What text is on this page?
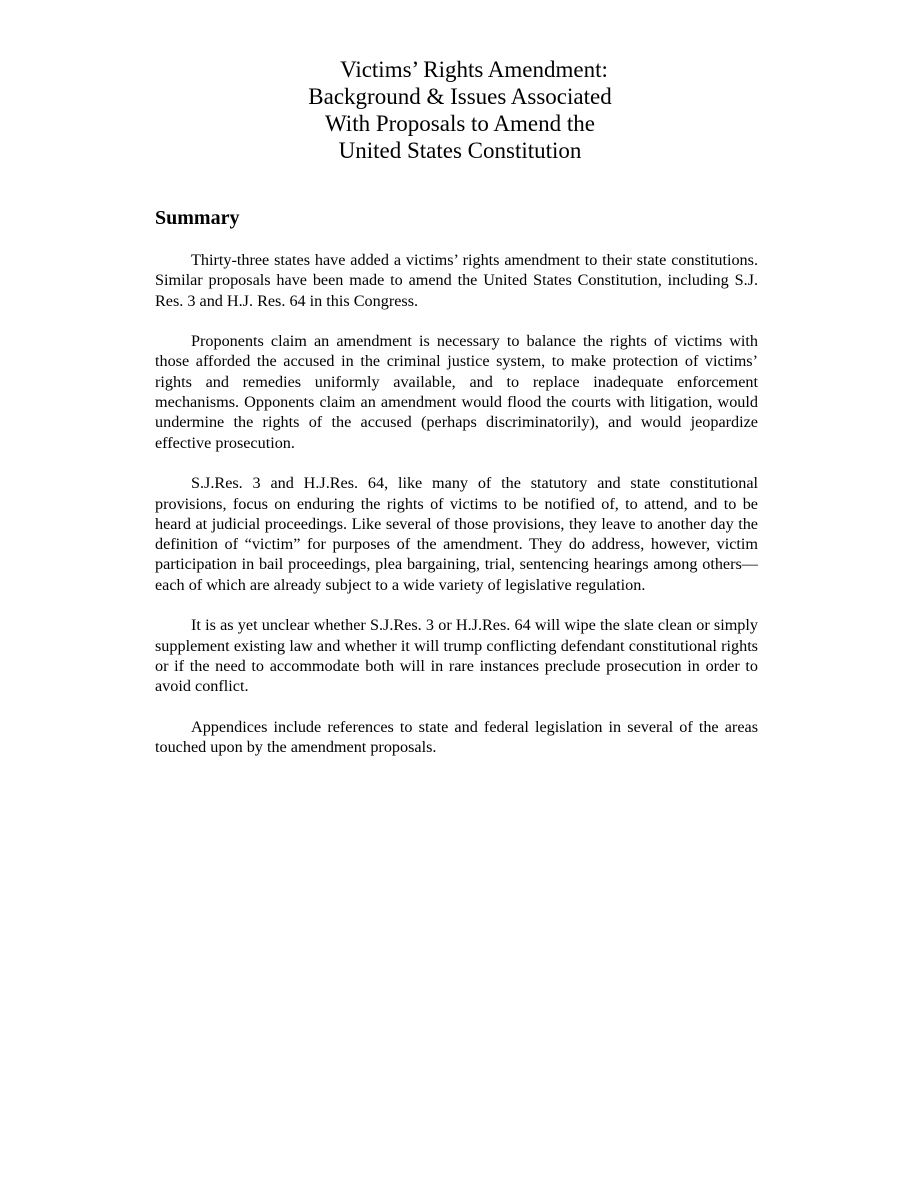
Victims’ Rights Amendment:
Background & Issues Associated
With Proposals to Amend the
United States Constitution
Summary

Thirty-three states have added a victims’ rights amendment to their state constitutions. Similar proposals have been made to amend the United States Constitution, including S.J. Res. 3 and H.J. Res. 64 in this Congress.

Proponents claim an amendment is necessary to balance the rights of victims with those afforded the accused in the criminal justice system, to make protection of victims’ rights and remedies uniformly available, and to replace inadequate enforcement mechanisms. Opponents claim an amendment would flood the courts with litigation, would undermine the rights of the accused (perhaps discriminatorily), and would jeopardize effective prosecution.

S.J.Res. 3 and H.J.Res. 64, like many of the statutory and state constitutional provisions, focus on enduring the rights of victims to be notified of, to attend, and to be heard at judicial proceedings. Like several of those provisions, they leave to another day the definition of “victim” for purposes of the amendment. They do address, however, victim participation in bail proceedings, plea bargaining, trial, sentencing hearings among others—each of which are already subject to a wide variety of legislative regulation.

It is as yet unclear whether S.J.Res. 3 or H.J.Res. 64 will wipe the slate clean or simply supplement existing law and whether it will trump conflicting defendant constitutional rights or if the need to accommodate both will in rare instances preclude prosecution in order to avoid conflict.

Appendices include references to state and federal legislation in several of the areas touched upon by the amendment proposals.
